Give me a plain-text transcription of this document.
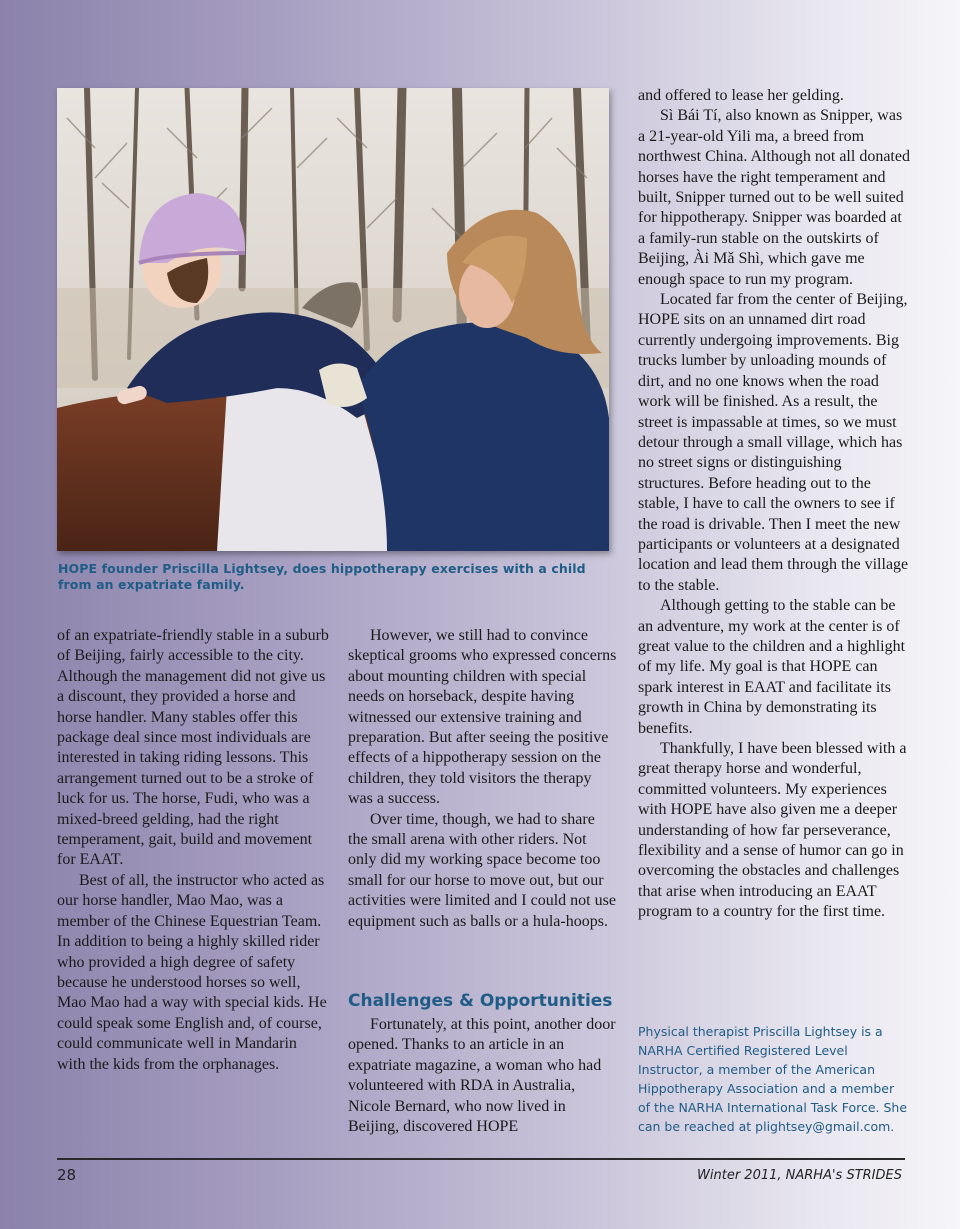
HOPE founder Priscilla Lightsey, does hippotherapy exercises with a child from an expatriate family.

of an expatriate-friendly stable in a suburb of Beijing, fairly accessible to the city. Although the management did not give us a discount, they provided a horse and horse handler. Many stables offer this package deal since most individuals are interested in taking riding lessons. This arrangement turned out to be a stroke of luck for us. The horse, Fudi, who was a mixed-breed gelding, had the right temperament, gait, build and movement for EAAT.

Best of all, the instructor who acted as our horse handler, Mao Mao, was a member of the Chinese Equestrian Team. In addition to being a highly skilled rider who provided a high degree of safety because he understood horses so well, Mao Mao had a way with special kids. He could speak some English and, of course, could communicate well in Mandarin with the kids from the orphanages.

However, we still had to convince skeptical grooms who expressed concerns about mounting children with special needs on horseback, despite having witnessed our extensive training and preparation. But after seeing the positive effects of a hippotherapy session on the children, they told visitors the therapy was a success.

Over time, though, we had to share the small arena with other riders. Not only did my working space become too small for our horse to move out, but our activities were limited and I could not use equipment such as balls or a hula-hoops.

Challenges & Opportunities

Fortunately, at this point, another door opened. Thanks to an article in an expatriate magazine, a woman who had volunteered with RDA in Australia, Nicole Bernard, who now lived in Beijing, discovered HOPE

and offered to lease her gelding.

Sì Bái Tí, also known as Snipper, was a 21-year-old Yili ma, a breed from northwest China. Although not all donated horses have the right temperament and built, Snipper turned out to be well suited for hippotherapy. Snipper was boarded at a family-run stable on the outskirts of Beijing, Ài Mǎ Shì, which gave me enough space to run my program.

Located far from the center of Beijing, HOPE sits on an unnamed dirt road currently undergoing improvements. Big trucks lumber by unloading mounds of dirt, and no one knows when the road work will be finished. As a result, the street is impassable at times, so we must detour through a small village, which has no street signs or distinguishing structures. Before heading out to the stable, I have to call the owners to see if the road is drivable. Then I meet the new participants or volunteers at a designated location and lead them through the village to the stable.

Although getting to the stable can be an adventure, my work at the center is of great value to the children and a highlight of my life. My goal is that HOPE can spark interest in EAAT and facilitate its growth in China by demonstrating its benefits.

Thankfully, I have been blessed with a great therapy horse and wonderful, committed volunteers. My experiences with HOPE have also given me a deeper understanding of how far perseverance, flexibility and a sense of humor can go in overcoming the obstacles and challenges that arise when introducing an EAAT program to a country for the first time.

Physical therapist Priscilla Lightsey is a NARHA Certified Registered Level Instructor, a member of the American Hippotherapy Association and a member of the NARHA International Task Force. She can be reached at plightsey@gmail.com.
28	Winter 2011, NARHA's STRIDES
